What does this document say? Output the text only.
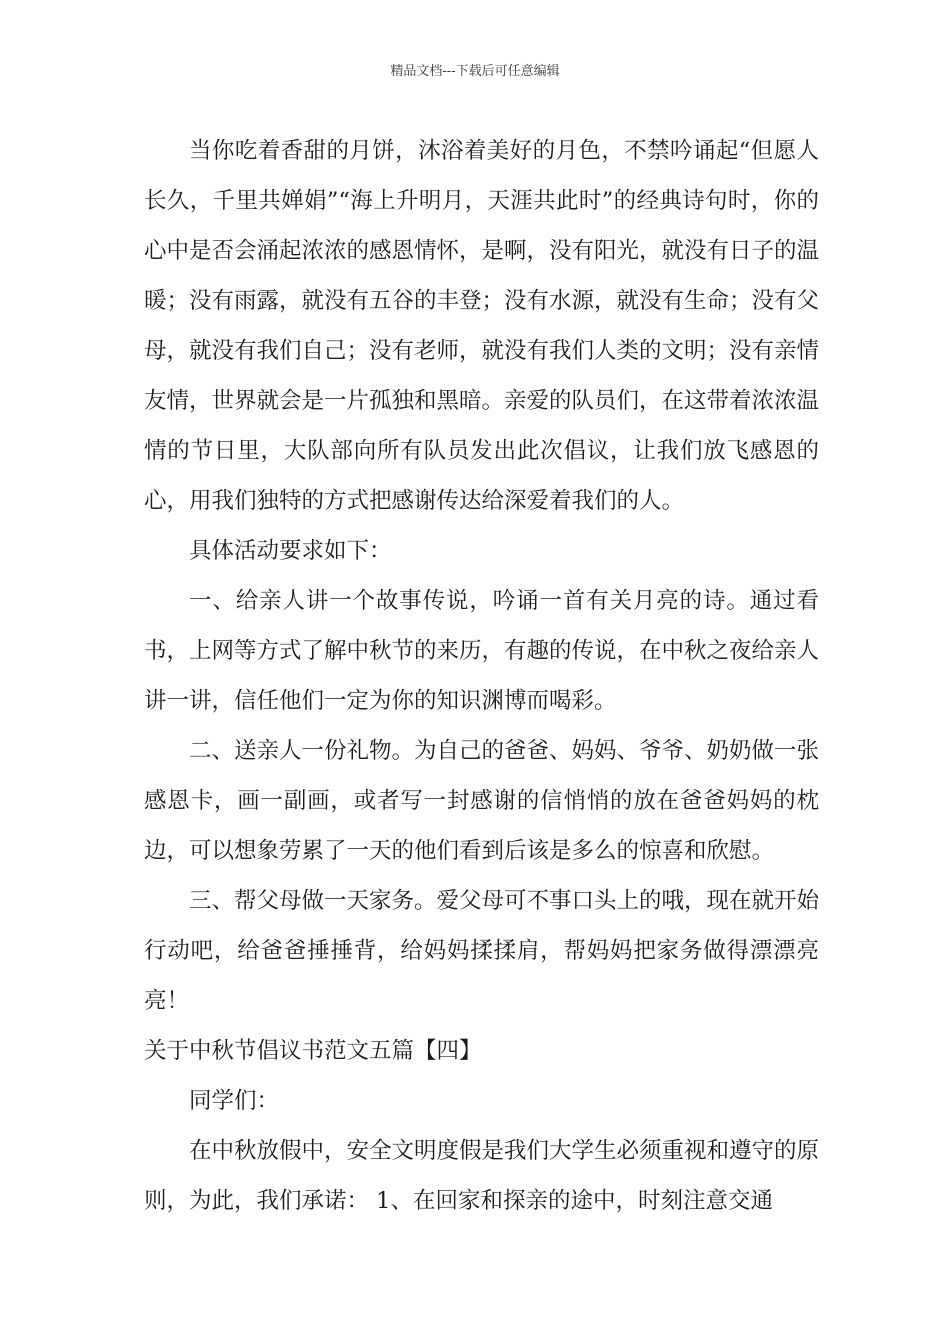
精品文档---下载后可任意编辑

当你吃着香甜的月饼，沐浴着美好的月色，不禁吟诵起“但愿人长久，千里共婵娟”“海上升明月，天涯共此时”的经典诗句时，你的心中是否会涌起浓浓的感恩情怀，是啊，没有阳光，就没有日子的温暖；没有雨露，就没有五谷的丰登；没有水源，就没有生命；没有父母，就没有我们自己；没有老师，就没有我们人类的文明；没有亲情友情，世界就会是一片孤独和黑暗。亲爱的队员们，在这带着浓浓温情的节日里，大队部向所有队员发出此次倡议，让我们放飞感恩的心，用我们独特的方式把感谢传达给深爱着我们的人。

具体活动要求如下：

一、给亲人讲一个故事传说，吟诵一首有关月亮的诗。通过看书，上网等方式了解中秋节的来历，有趣的传说，在中秋之夜给亲人讲一讲，信任他们一定为你的知识渊博而喝彩。

二、送亲人一份礼物。为自己的爸爸、妈妈、爷爷、奶奶做一张感恩卡，画一副画，或者写一封感谢的信悄悄的放在爸爸妈妈的枕边，可以想象劳累了一天的他们看到后该是多么的惊喜和欣慰。

三、帮父母做一天家务。爱父母可不事口头上的哦，现在就开始行动吧，给爸爸捶捶背，给妈妈揉揉肩，帮妈妈把家务做得漂漂亮亮！

关于中秋节倡议书范文五篇【四】

同学们：

在中秋放假中，安全文明度假是我们大学生必须重视和遵守的原则，为此，我们承诺： 1、在回家和探亲的途中，时刻注意交通
